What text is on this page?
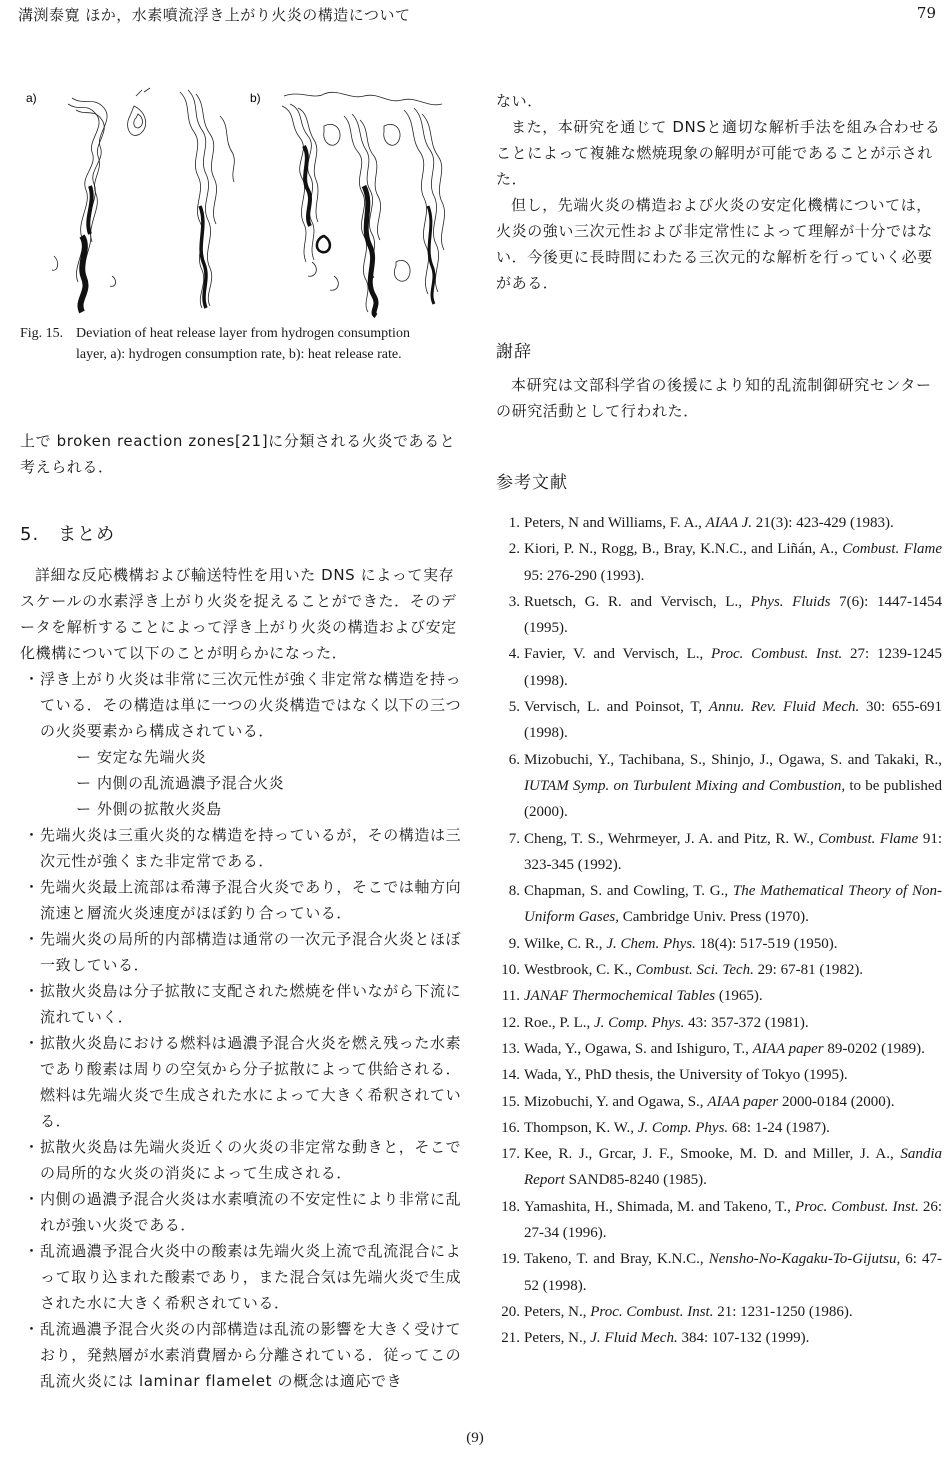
溝渕泰寛 ほか，水素噴流浮き上がり火炎の構造について	79
a)	b)
Fig. 15. Deviation of heat release layer from hydrogen consumption
layer, a): hydrogen consumption rate, b): heat release rate.
上で broken reaction zones[21]に分類される火炎であると考えられる．
5.　まとめ

詳細な反応機構および輸送特性を用いた DNS によって実存スケールの水素浮き上がり火炎を捉えることができた．そのデータを解析することによって浮き上がり火炎の構造および安定化機構について以下のことが明らかになった．

・ 浮き上がり火炎は非常に三次元性が強く非定常な構造を持っている．その構造は単に一つの火炎構造ではなく以下の三つの火炎要素から構成されている．
ー 安定な先端火炎
ー 内側の乱流過濃予混合火炎
ー 外側の拡散火炎島
・ 先端火炎は三重火炎的な構造を持っているが，その構造は三次元性が強くまた非定常である．
・ 先端火炎最上流部は希薄予混合火炎であり，そこでは軸方向流速と層流火炎速度がほぼ釣り合っている．
・ 先端火炎の局所的内部構造は通常の一次元予混合火炎とほぼ一致している．
・ 拡散火炎島は分子拡散に支配された燃焼を伴いながら下流に流れていく．
・ 拡散火炎島における燃料は過濃予混合火炎を燃え残った水素であり酸素は周りの空気から分子拡散によって供給される．燃料は先端火炎で生成された水によって大きく希釈されている．
・ 拡散火炎島は先端火炎近くの火炎の非定常な動きと，そこでの局所的な火炎の消炎によって生成される．
・ 内側の過濃予混合火炎は水素噴流の不安定性により非常に乱れが強い火炎である．
・ 乱流過濃予混合火炎中の酸素は先端火炎上流で乱流混合によって取り込まれた酸素であり，また混合気は先端火炎で生成された水に大きく希釈されている．
・ 乱流過濃予混合火炎の内部構造は乱流の影響を大きく受けており，発熱層が水素消費層から分離されている．従ってこの乱流火炎には laminar flamelet の概念は適応でき

ない．

また，本研究を通じて DNSと適切な解析手法を組み合わせることによって複雑な燃焼現象の解明が可能であることが示された．

但し，先端火炎の構造および火炎の安定化機構については，火炎の強い三次元性および非定常性によって理解が十分ではない．今後更に長時間にわたる三次元的な解析を行っていく必要がある．

謝辞

本研究は文部科学省の後援により知的乱流制御研究センターの研究活動として行われた．

参考文献
1 . Peters, N and Williams, F. A., AIAA J. 21(3): 423-429 (1983).
2 . Kiori, P. N., Rogg, B., Bray, K.N.C., and Liñán, A., Combust. Flame 95: 276-290 (1993).
3 . Ruetsch, G. R. and Vervisch, L., Phys. Fluids 7(6): 1447-1454 (1995).
4 . Favier, V. and Vervisch, L., Proc. Combust. Inst. 27: 1239-1245 (1998).
5 . Vervisch, L. and Poinsot, T, Annu. Rev. Fluid Mech. 30: 655-691 (1998).
6 . Mizobuchi, Y., Tachibana, S., Shinjo, J., Ogawa, S. and Takaki, R., IUTAM Symp. on Turbulent Mixing and Combustion, to be published (2000).
7 . Cheng, T. S., Wehrmeyer, J. A. and Pitz, R. W., Combust. Flame 91: 323-345 (1992).
8 . Chapman, S. and Cowling, T. G., The Mathematical Theory of Non-Uniform Gases, Cambridge Univ. Press (1970).
9 . Wilke, C. R., J. Chem. Phys. 18(4): 517-519 (1950).
10 . Westbrook, C. K., Combust. Sci. Tech. 29: 67-81 (1982).
11 . JANAF Thermochemical Tables (1965).
12 . Roe., P. L., J. Comp. Phys. 43: 357-372 (1981).
13 . Wada, Y., Ogawa, S. and Ishiguro, T., AIAA paper 89-0202 (1989).
14 . Wada, Y., PhD thesis, the University of Tokyo (1995).
15 . Mizobuchi, Y. and Ogawa, S., AIAA paper 2000-0184 (2000).
16 . Thompson, K. W., J. Comp. Phys. 68: 1-24 (1987).
17 . Kee, R. J., Grcar, J. F., Smooke, M. D. and Miller, J. A., Sandia Report SAND85-8240 (1985).
18 . Yamashita, H., Shimada, M. and Takeno, T., Proc. Combust. Inst. 26: 27-34 (1996).
19 . Takeno, T. and Bray, K.N.C., Nensho-No-Kagaku-To-Gijutsu, 6: 47-52 (1998).
20 . Peters, N., Proc. Combust. Inst. 21: 1231-1250 (1986).
21 . Peters, N., J. Fluid Mech. 384: 107-132 (1999).
(9)
